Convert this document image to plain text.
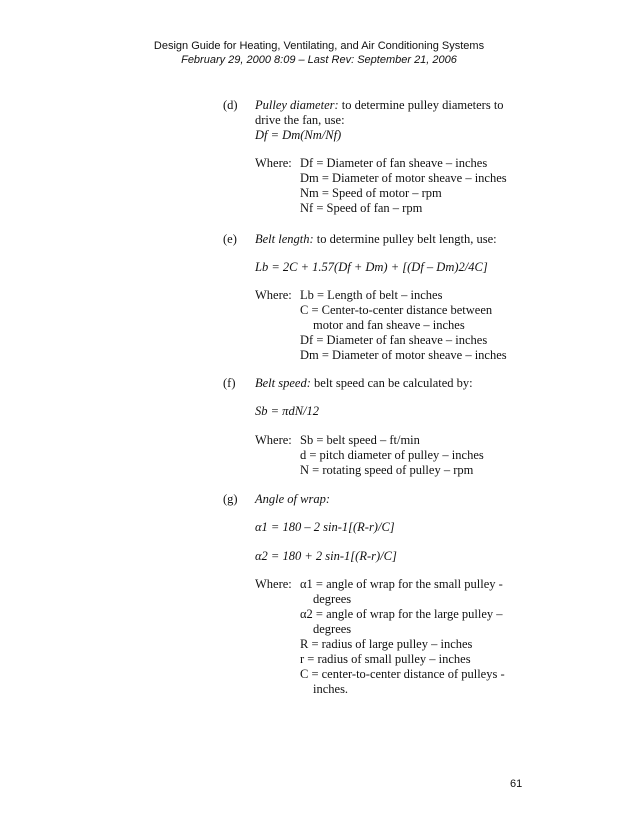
Design Guide for Heating, Ventilating, and Air Conditioning Systems
February 29, 2000 8:09 – Last Rev: September 21, 2006
(d) Pulley diameter: to determine pulley diameters to
drive the fan, use:
Df = Dm(Nm/Nf)
Where: Df = Diameter of fan sheave – inches
Dm = Diameter of motor sheave – inches
Nm = Speed of motor – rpm
Nf = Speed of fan – rpm
(e) Belt length: to determine pulley belt length, use:
Lb = 2C + 1.57(Df + Dm) + [(Df – Dm)2/4C]
Where: Lb = Length of belt – inches
C = Center-to-center distance between
motor and fan sheave – inches
Df = Diameter of fan sheave – inches
Dm = Diameter of motor sheave – inches
(f) Belt speed: belt speed can be calculated by:
Sb = πdN/12
Where: Sb = belt speed – ft/min
d = pitch diameter of pulley – inches
N = rotating speed of pulley – rpm
(g) Angle of wrap:
α1 = 180 – 2 sin-1[(R-r)/C]
α2 = 180 + 2 sin-1[(R-r)/C]
Where: α1 = angle of wrap for the small pulley -
degrees
α2 = angle of wrap for the large pulley –
degrees
R = radius of large pulley – inches
r = radius of small pulley – inches
C = center-to-center distance of pulleys -
inches.
61
